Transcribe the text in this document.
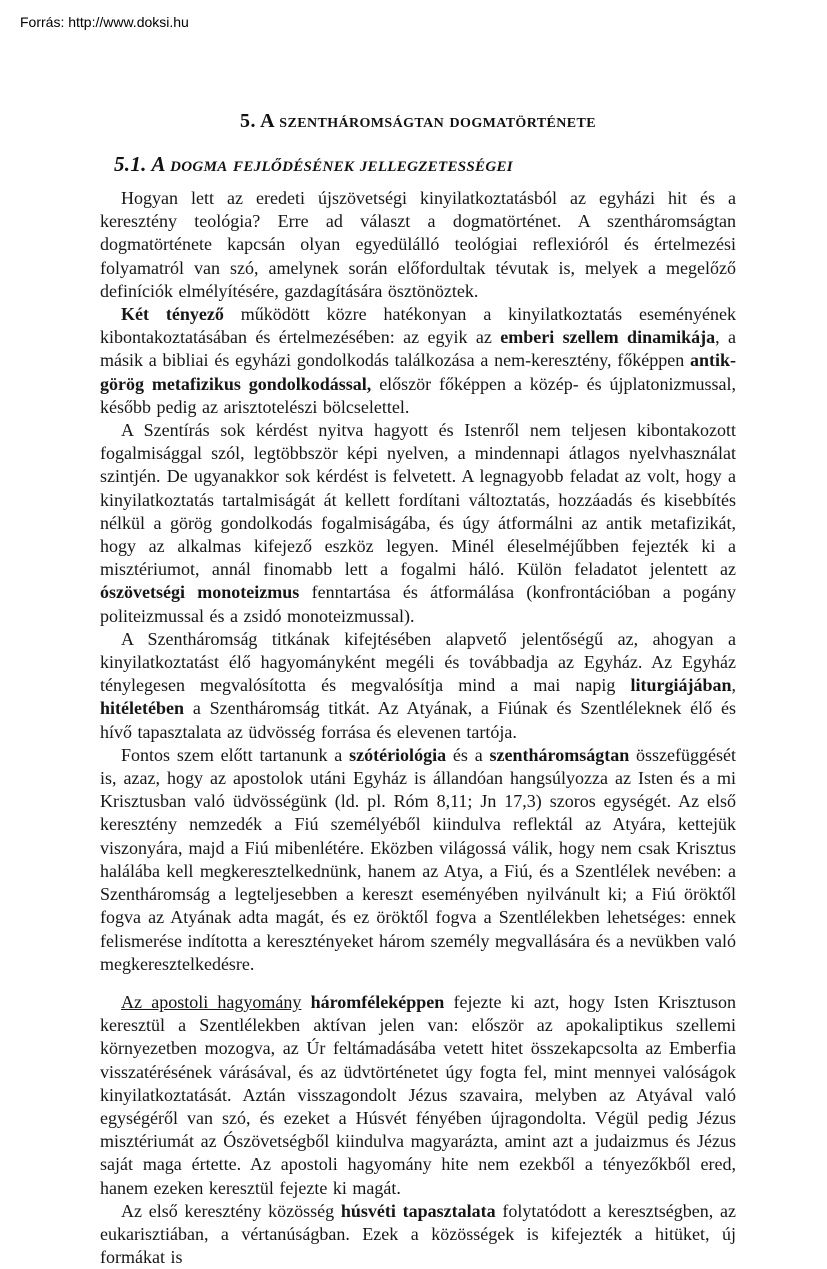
Forrás: http://www.doksi.hu
5. A szentháromságtan dogmatörténete
5.1. A dogma fejlődésének jellegzetességei

Hogyan lett az eredeti újszövetségi kinyilatkoztatásból az egyházi hit és a keresztény teológia? Erre ad választ a dogmatörténet. A szentháromságtan dogmatörténete kapcsán olyan egyedülálló teológiai reflexióról és értelmezési folyamatról van szó, amelynek során előfordultak tévutak is, melyek a megelőző definíciók elmélyítésére, gazdagítására ösztönöztek.

Két tényező működött közre hatékonyan a kinyilatkoztatás eseményének kibontakoztatásában és értelmezésében: az egyik az emberi szellem dinamikája, a másik a bibliai és egyházi gondolkodás találkozása a nem-keresztény, főképpen antik-görög metafizikus gondolkodással, először főképpen a közép- és újplatonizmussal, később pedig az arisztotelészi bölcselettel.

A Szentírás sok kérdést nyitva hagyott és Istenről nem teljesen kibontakozott fogalmisággal szól, legtöbbször képi nyelven, a mindennapi átlagos nyelvhasználat szintjén. De ugyanakkor sok kérdést is felvetett. A legnagyobb feladat az volt, hogy a kinyilatkoztatás tartalmiságát át kellett fordítani változtatás, hozzáadás és kisebbítés nélkül a görög gondolkodás fogalmiságába, és úgy átformálni az antik metafizikát, hogy az alkalmas kifejező eszköz legyen. Minél éleselméjűbben fejezték ki a misztériumot, annál finomabb lett a fogalmi háló. Külön feladatot jelentett az ószövetségi monoteizmus fenntartása és átformálása (konfrontációban a pogány politeizmussal és a zsidó monoteizmussal).

A Szentháromság titkának kifejtésében alapvető jelentőségű az, ahogyan a kinyilatkoztatást élő hagyományként megéli és továbbadja az Egyház. Az Egyház ténylegesen megvalósította és megvalósítja mind a mai napig liturgiájában, hitéletében a Szentháromság titkát. Az Atyának, a Fiúnak és Szentléleknek élő és hívő tapasztalata az üdvösség forrása és elevenen tartója.

Fontos szem előtt tartanunk a szótériológia és a szentháromságtan összefüggését is, azaz, hogy az apostolok utáni Egyház is állandóan hangsúlyozza az Isten és a mi Krisztusban való üdvösségünk (ld. pl. Róm 8,11; Jn 17,3) szoros egységét. Az első keresztény nemzedék a Fiú személyéből kiindulva reflektál az Atyára, kettejük viszonyára, majd a Fiú mibenlétére. Eközben világossá válik, hogy nem csak Krisztus halálába kell megkeresztelkednünk, hanem az Atya, a Fiú, és a Szentlélek nevében: a Szentháromság a legteljesebben a kereszt eseményében nyilvánult ki; a Fiú öröktől fogva az Atyának adta magát, és ez öröktől fogva a Szentlélekben lehetséges: ennek felismerése indította a keresztényeket három személy megvallására és a nevükben való megkeresztelkedésre.

Az apostoli hagyomány háromféleképpen fejezte ki azt, hogy Isten Krisztuson keresztül a Szentlélekben aktívan jelen van: először az apokaliptikus szellemi környezetben mozogva, az Úr feltámadásába vetett hitet összekapcsolta az Emberfia visszatérésének várásával, és az üdvtörténetet úgy fogta fel, mint mennyei valóságok kinyilatkoztatását. Aztán visszagondolt Jézus szavaira, melyben az Atyával való egységéről van szó, és ezeket a Húsvét fényében újragondolta. Végül pedig Jézus misztériumát az Ószövetségből kiindulva magyarázta, amint azt a judaizmus és Jézus saját maga értette. Az apostoli hagyomány hite nem ezekből a tényezőkből ered, hanem ezeken keresztül fejezte ki magát.

Az első keresztény közösség húsvéti tapasztalata folytatódott a keresztségben, az eukarisztiában, a vértanúságban. Ezek a közösségek is kifejezték a hitüket, új formákat is
